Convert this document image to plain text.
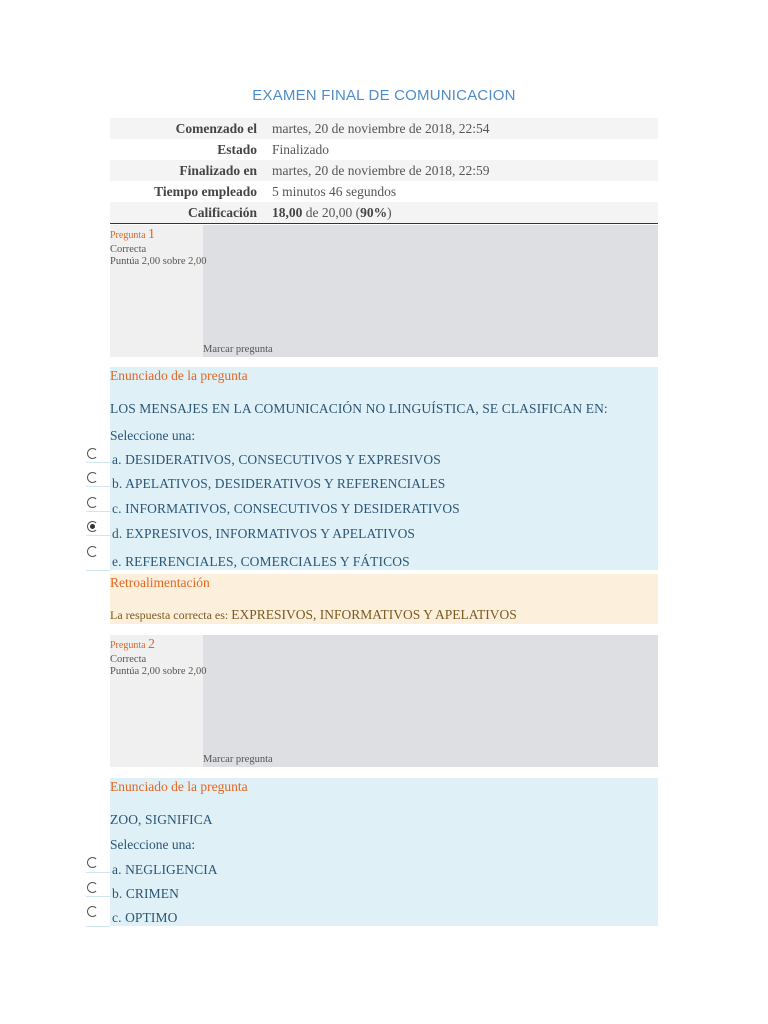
EXAMEN FINAL DE COMUNICACION
Comenzado el	martes, 20 de noviembre de 2018, 22:54
Estado	Finalizado
Finalizado en	martes, 20 de noviembre de 2018, 22:59
Tiempo empleado	5 minutos 46 segundos
Calificación	18,00 de 20,00 (90%)
Pregunta 1
Correcta
Puntúa 2,00 sobre 2,00
Marcar pregunta
Enunciado de la pregunta
LOS MENSAJES EN LA COMUNICACIÓN NO LINGUÍSTICA, SE CLASIFICAN EN:
Seleccione una:
a. DESIDERATIVOS, CONSECUTIVOS Y EXPRESIVOS
b. APELATIVOS, DESIDERATIVOS Y REFERENCIALES
c. INFORMATIVOS, CONSECUTIVOS Y DESIDERATIVOS
d. EXPRESIVOS, INFORMATIVOS Y APELATIVOS
e. REFERENCIALES, COMERCIALES Y FÁTICOS
Retroalimentación
La respuesta correcta es: EXPRESIVOS, INFORMATIVOS Y APELATIVOS
Pregunta 2
Correcta
Puntúa 2,00 sobre 2,00
Marcar pregunta
Enunciado de la pregunta
ZOO, SIGNIFICA
Seleccione una:
a. NEGLIGENCIA
b. CRIMEN
c. OPTIMO
